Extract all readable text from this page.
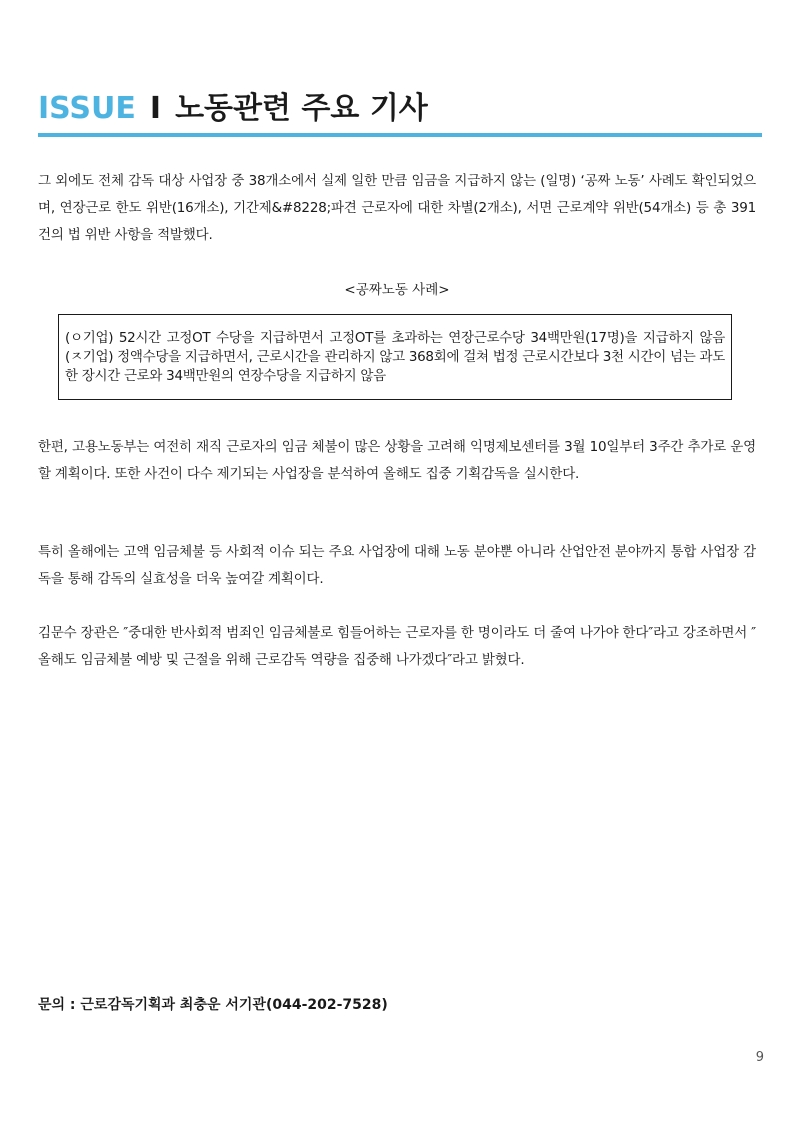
ISSUE I 노동관련 주요 기사

그 외에도 전체 감독 대상 사업장 중 38개소에서 실제 일한 만큼 임금을 지급하지 않는 (일명) ‘공짜 노동’ 사례도 확인되었으며, 연장근로 한도 위반(16개소), 기간제&#8228;파견 근로자에 대한 차별(2개소), 서면 근로계약 위반(54개소) 등 총 391건의 법 위반 사항을 적발했다.

<공짜노동 사례>
(ㅇ기업) 52시간 고정OT 수당을 지급하면서 고정OT를 초과하는 연장근로수당 34백만원(17명)을 지급하지 않음 (ㅈ기업) 정액수당을 지급하면서, 근로시간을 관리하지 않고 368회에 걸쳐 법정 근로시간보다 3천 시간이 넘는 과도한 장시간 근로와 34백만원의 연장수당을 지급하지 않음

한편, 고용노동부는 여전히 재직 근로자의 임금 체불이 많은 상황을 고려해 익명제보센터를 3월 10일부터 3주간 추가로 운영할 계획이다. 또한 사건이 다수 제기되는 사업장을 분석하여 올해도 집중 기획감독을 실시한다.

특히 올해에는 고액 임금체불 등 사회적 이슈 되는 주요 사업장에 대해 노동 분야뿐 아니라 산업안전 분야까지 통합 사업장 감독을 통해 감독의 실효성을 더욱 높여갈 계획이다.

김문수 장관은 ″중대한 반사회적 범죄인 임금체불로 힘들어하는 근로자를 한 명이라도 더 줄여 나가야 한다″라고 강조하면서 ″올해도 임금체불 예방 및 근절을 위해 근로감독 역량을 집중해 나가겠다″라고 밝혔다.

문의 : 근로감독기획과 최충운 서기관(044-202-7528)
9
